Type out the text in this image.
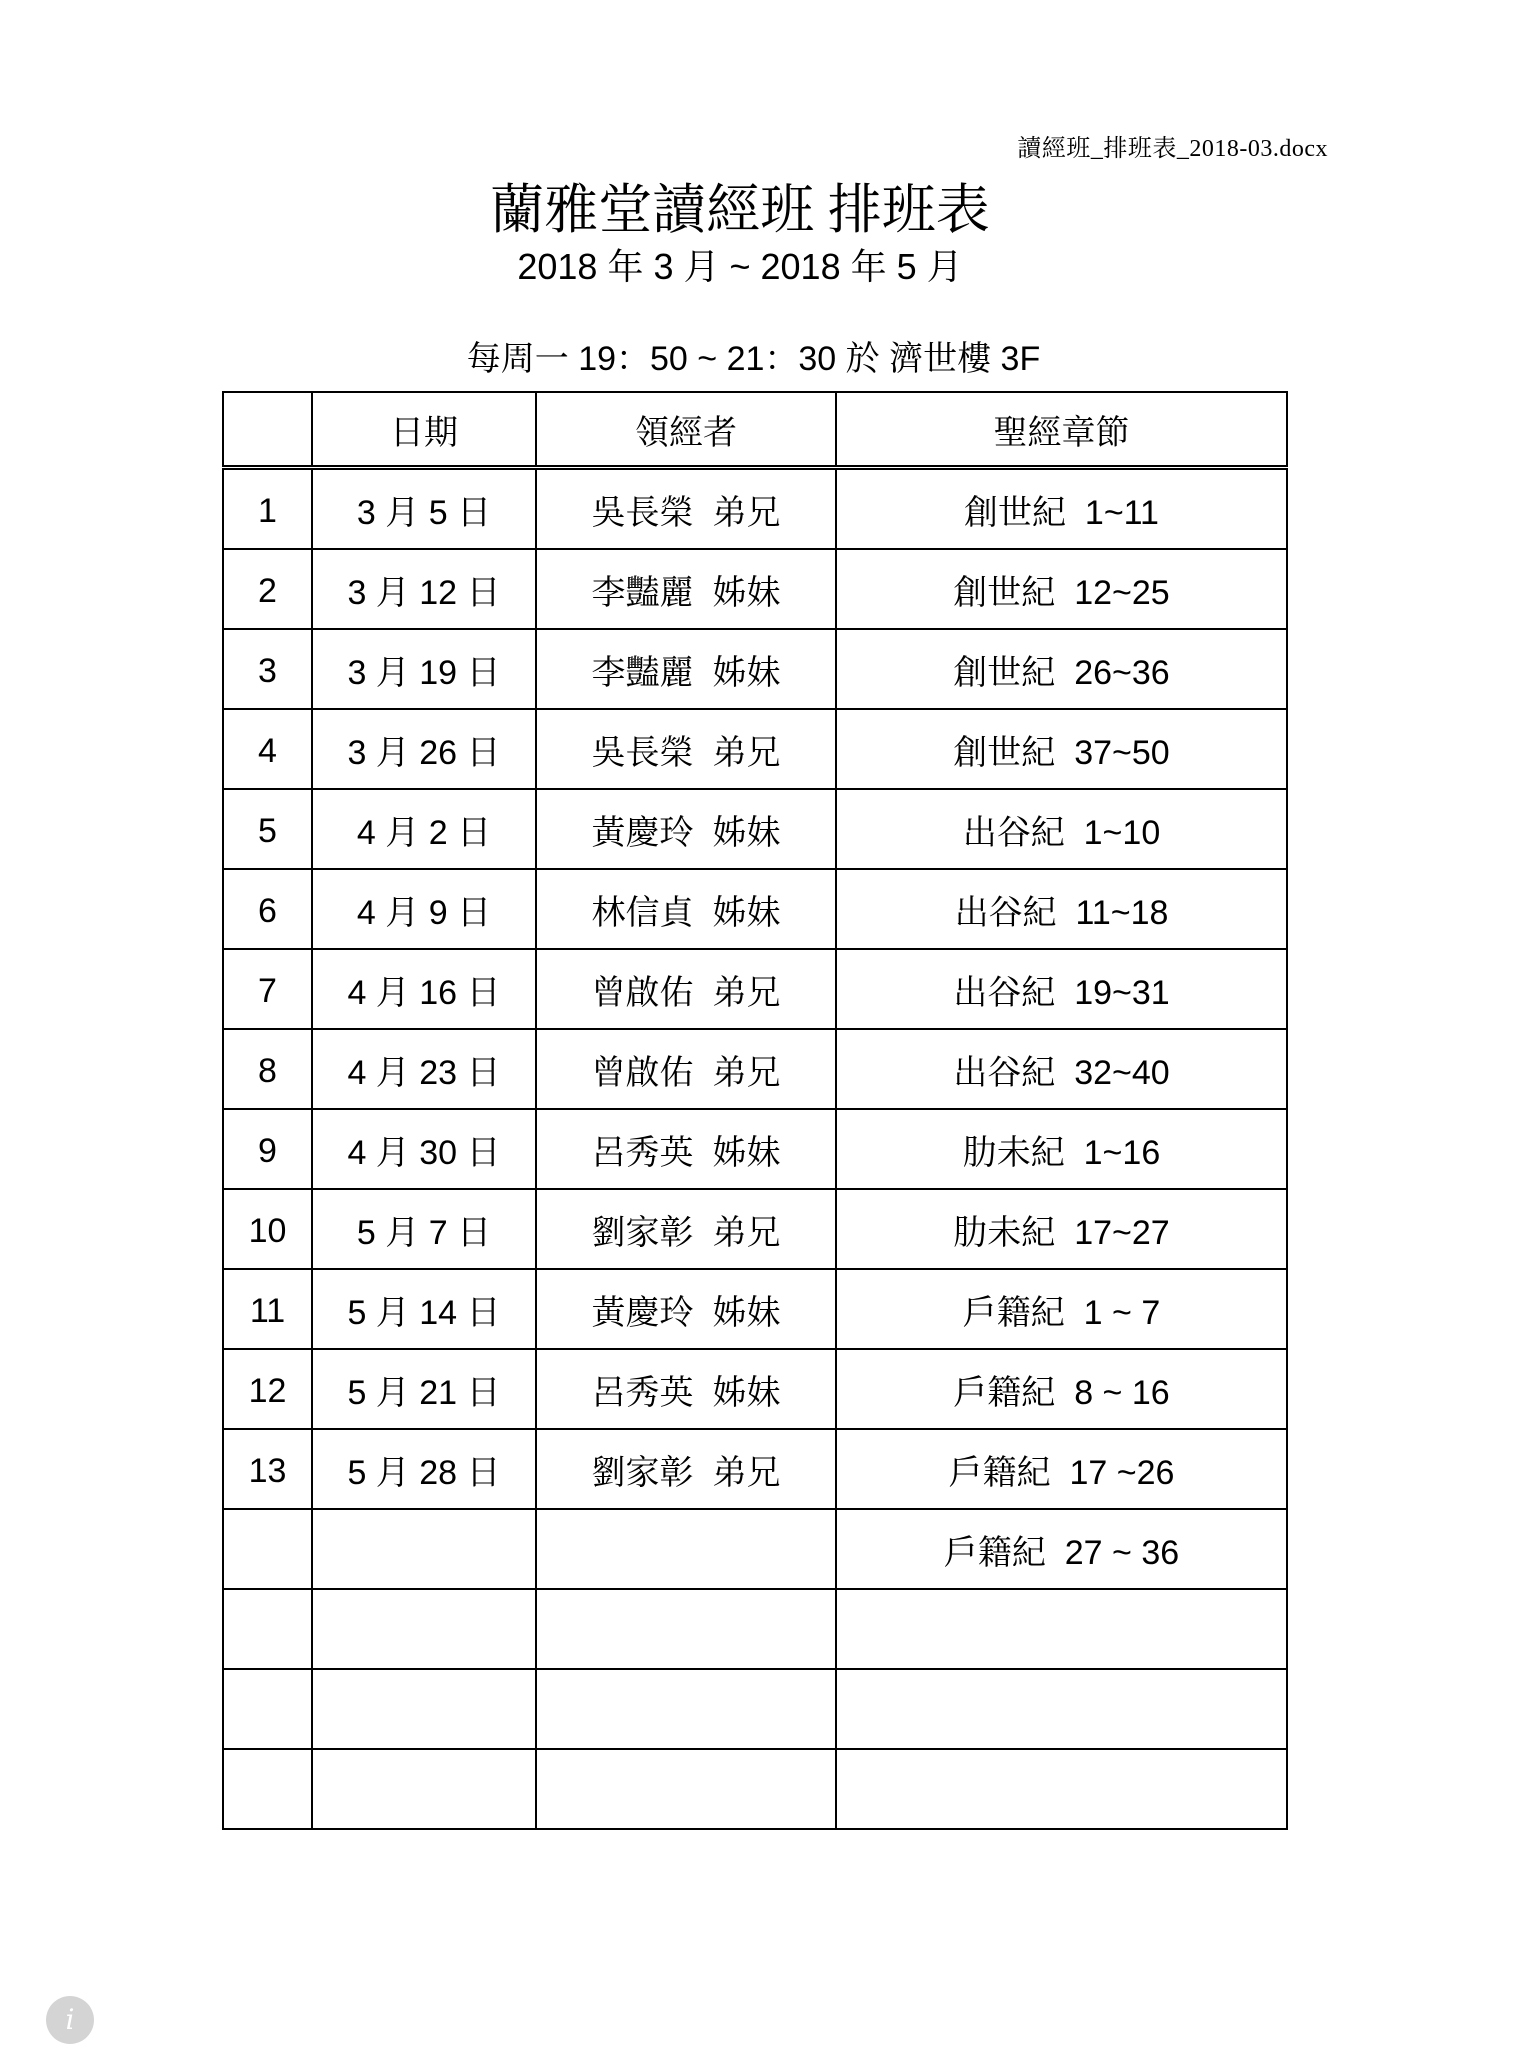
讀經班_排班表_2018-03.docx
蘭雅堂讀經班 排班表
2018 年 3 月 ~ 2018 年 5 月
每周一 19：50 ~ 21：30 於 濟世樓 3F
	日期	領經者	聖經章節
1	3 月 5 日	吳長榮  弟兄	創世紀  1~11
2	3 月 12 日	李豔麗  姊妹	創世紀  12~25
3	3 月 19 日	李豔麗  姊妹	創世紀  26~36
4	3 月 26 日	吳長榮  弟兄	創世紀  37~50
5	4 月 2 日	黃慶玲  姊妹	出谷紀  1~10
6	4 月 9 日	林信貞  姊妹	出谷紀  11~18
7	4 月 16 日	曾啟佑  弟兄	出谷紀  19~31
8	4 月 23 日	曾啟佑  弟兄	出谷紀  32~40
9	4 月 30 日	呂秀英  姊妹	肋未紀  1~16
10	5 月 7 日	劉家彰  弟兄	肋未紀  17~27
11	5 月 14 日	黃慶玲  姊妹	戶籍紀  1 ~ 7
12	5 月 21 日	呂秀英  姊妹	戶籍紀  8 ~ 16
13	5 月 28 日	劉家彰  弟兄	戶籍紀  17 ~26
			戶籍紀  27 ~ 36

i
